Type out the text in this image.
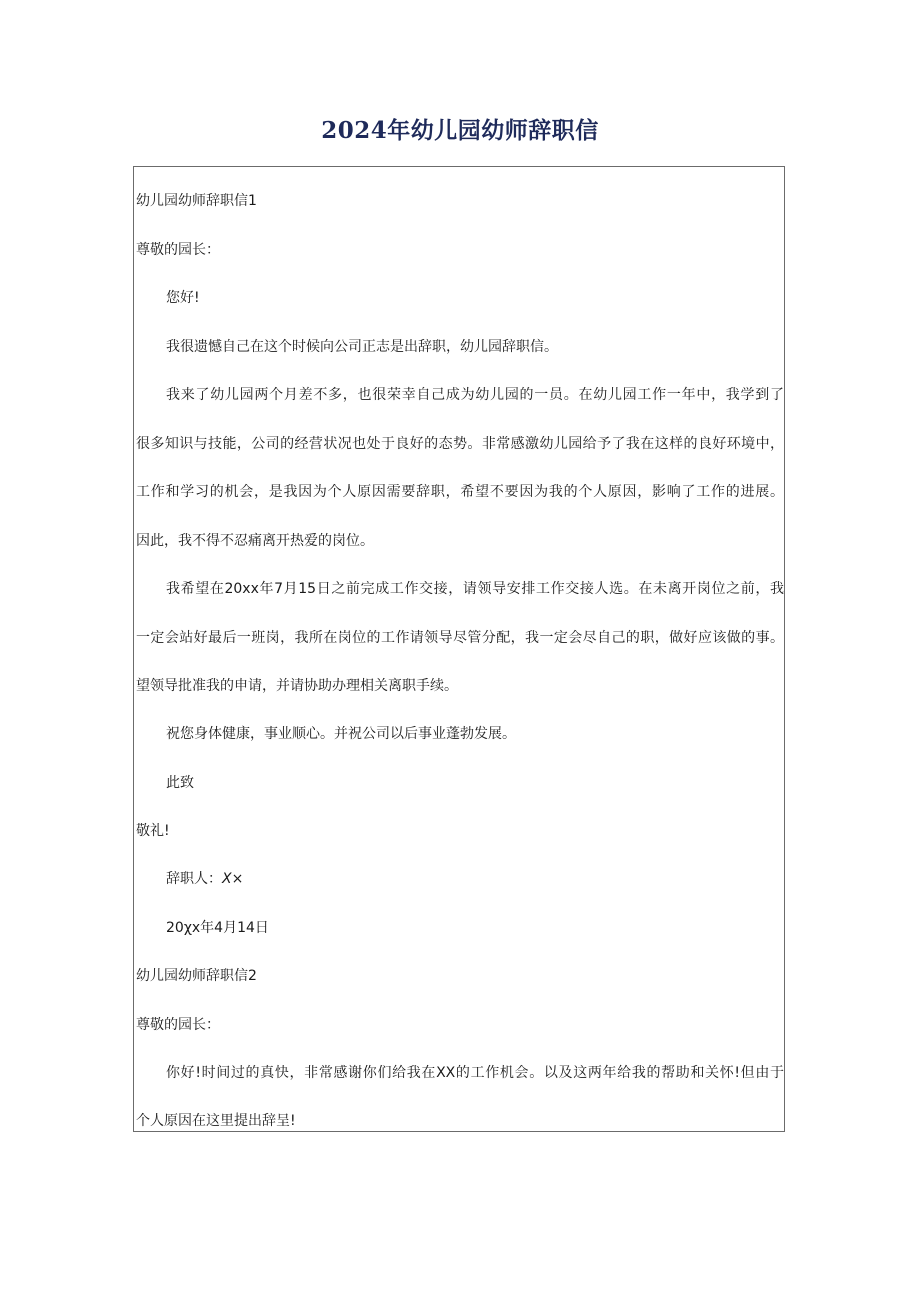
2024年幼儿园幼师辞职信
幼儿园幼师辞职信1
尊敬的园长：
您好!
我很遗憾自己在这个时候向公司正志是出辞职，幼儿园辞职信。
我来了幼儿园两个月差不多，也很荣幸自己成为幼儿园的一员。在幼儿园工作一年中，我学到了
很多知识与技能，公司的经营状况也处于良好的态势。非常感激幼儿园给予了我在这样的良好环境中，
工作和学习的机会，是我因为个人原因需要辞职，希望不要因为我的个人原因，影响了工作的进展。
因此，我不得不忍痛离开热爱的岗位。
我希望在20xx年7月15日之前完成工作交接，请领导安排工作交接人选。在未离开岗位之前，我
一定会站好最后一班岗，我所在岗位的工作请领导尽管分配，我一定会尽自己的职，做好应该做的事。
望领导批准我的申请，并请协助办理相关离职手续。
祝您身体健康，事业顺心。并祝公司以后事业蓬勃发展。
此致
敬礼!
辞职人：X×
20χx年4月14日
幼儿园幼师辞职信2
尊敬的园长：
你好!时间过的真快，非常感谢你们给我在XX的工作机会。以及这两年给我的帮助和关怀!但由于
个人原因在这里提出辞呈!
